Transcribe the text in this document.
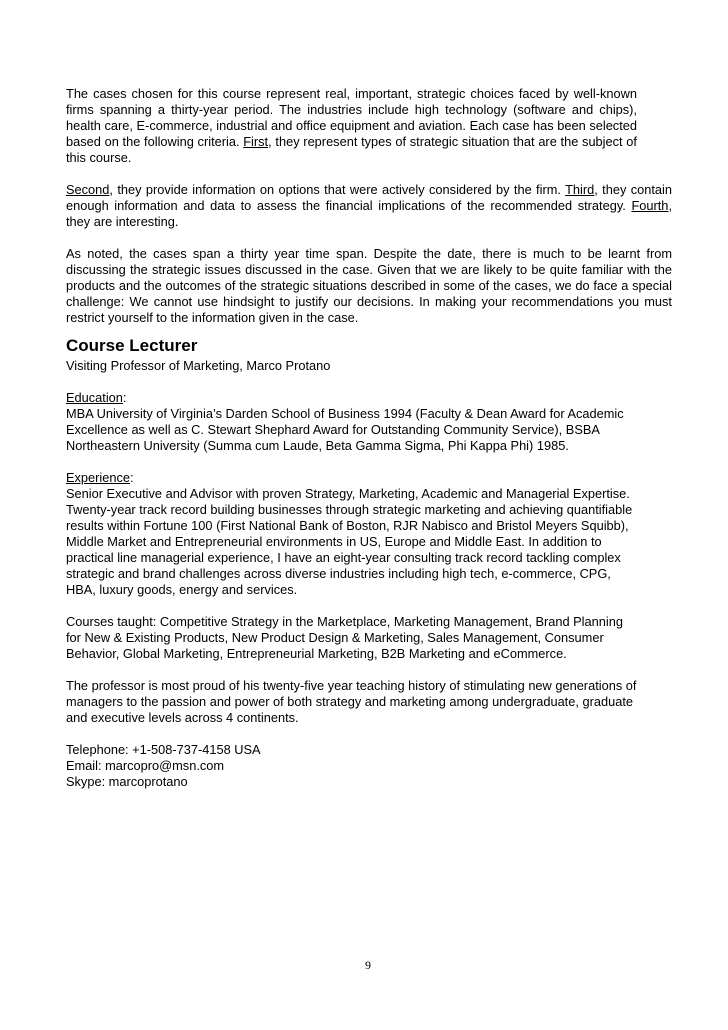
The cases chosen for this course represent real, important, strategic choices faced by well-known firms spanning a thirty-year period. The industries include high technology (software and chips), health care, E-commerce, industrial and office equipment and aviation. Each case has been selected based on the following criteria. First, they represent types of strategic situation that are the subject of this course.

Second, they provide information on options that were actively considered by the firm. Third, they contain enough information and data to assess the financial implications of the recommended strategy. Fourth, they are interesting.

As noted, the cases span a thirty year time span. Despite the date, there is much to be learnt from discussing the strategic issues discussed in the case. Given that we are likely to be quite familiar with the products and the outcomes of the strategic situations described in some of the cases, we do face a special challenge: We cannot use hindsight to justify our decisions. In making your recommendations you must restrict yourself to the information given in the case.

Course Lecturer

Visiting Professor of Marketing, Marco Protano

Education:

MBA University of Virginia’s Darden School of Business 1994 (Faculty & Dean Award for Academic
Excellence as well as C. Stewart Shephard Award for Outstanding Community Service), BSBA
Northeastern University (Summa cum Laude, Beta Gamma Sigma, Phi Kappa Phi) 1985.

Experience:

Senior Executive and Advisor with proven Strategy, Marketing, Academic and Managerial Expertise.
Twenty-year track record building businesses through strategic marketing and achieving quantifiable
results within Fortune 100 (First National Bank of Boston, RJR Nabisco and Bristol Meyers Squibb),
Middle Market and Entrepreneurial environments in US, Europe and Middle East. In addition to
practical line managerial experience, I have an eight-year consulting track record tackling complex
strategic and brand challenges across diverse industries including high tech, e-commerce, CPG,
HBA, luxury goods, energy and services.

Courses taught: Competitive Strategy in the Marketplace, Marketing Management, Brand Planning
for New & Existing Products, New Product Design & Marketing, Sales Management, Consumer
Behavior, Global Marketing, Entrepreneurial Marketing, B2B Marketing and eCommerce.

The professor is most proud of his twenty-five year teaching history of stimulating new generations of
managers to the passion and power of both strategy and marketing among undergraduate, graduate
and executive levels across 4 continents.

Telephone: +1-508-737-4158 USA

Email: marcopro@msn.com

Skype: marcoprotano

9
